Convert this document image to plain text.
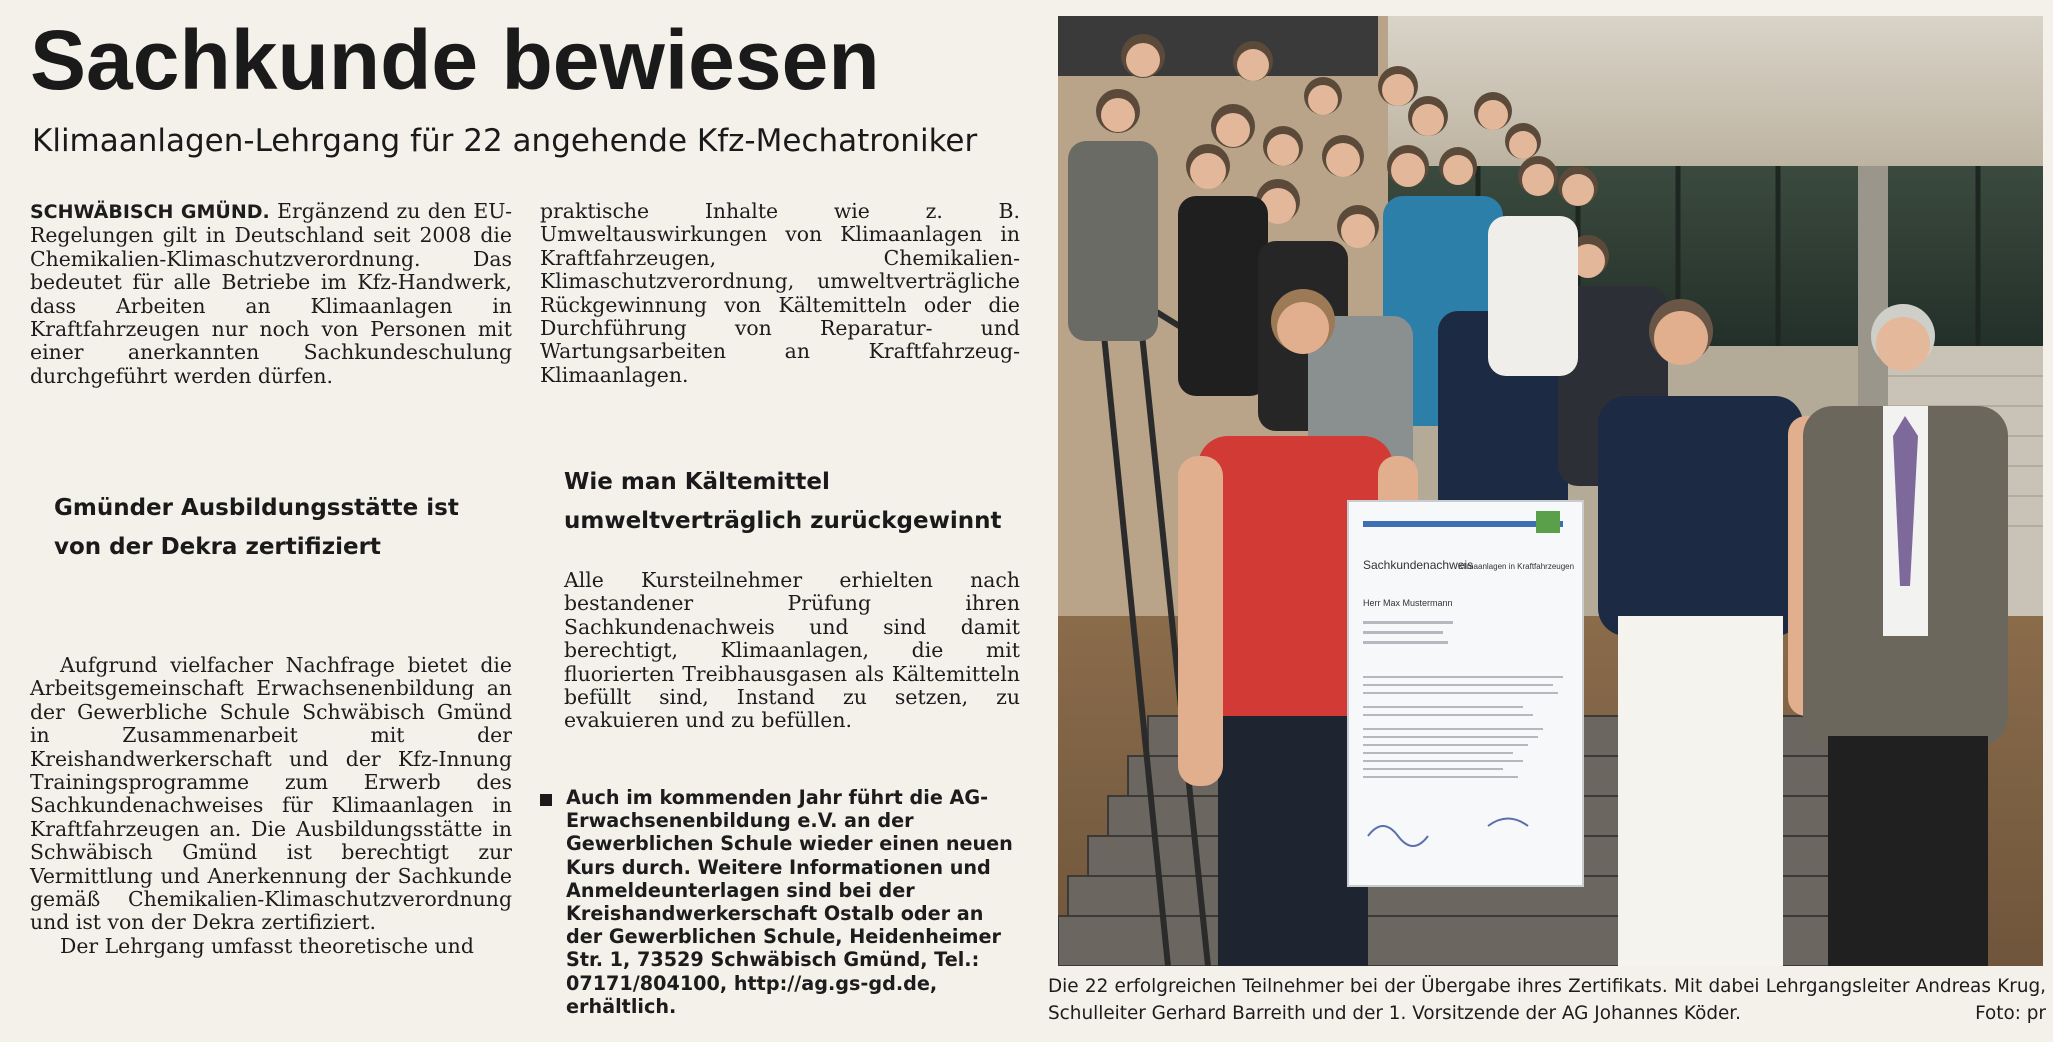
Sachkunde bewiesen
Klimaanlagen-Lehrgang für 22 angehende Kfz-Mechatroniker

SCHWÄBISCH GMÜND. Ergänzend zu den EU-Regelungen gilt in Deutschland seit 2008 die Chemikalien-Klimaschutzverordnung. Das bedeutet für alle Betriebe im Kfz-Handwerk, dass Arbeiten an Klimaanlagen in Kraftfahrzeugen nur noch von Personen mit einer anerkannten Sachkundeschulung durchgeführt werden dürfen.

praktische Inhalte wie z. B. Umweltauswirkungen von Klimaanlagen in Kraftfahrzeugen, Chemikalien-Klimaschutzverordnung, umweltverträgliche Rückgewinnung von Kältemitteln oder die Durchführung von Reparatur- und Wartungsarbeiten an Kraftfahrzeug-Klimaanlagen.

Gmünder Ausbildungsstätte ist von der Dekra zertifiziert
Wie man Kältemittel umweltverträglich zurückgewinnt

Aufgrund vielfacher Nachfrage bietet die Arbeitsgemeinschaft Erwachsenenbildung an der Gewerbliche Schule Schwäbisch Gmünd in Zusammenarbeit mit der Kreishandwerkerschaft und der Kfz-Innung Trainingsprogramme zum Erwerb des Sachkundenachweises für Klimaanlagen in Kraftfahrzeugen an. Die Ausbildungsstätte in Schwäbisch Gmünd ist berechtigt zur Vermittlung und Anerkennung der Sachkunde gemäß Chemikalien-Klimaschutzverordnung und ist von der Dekra zertifiziert.

Der Lehrgang umfasst theoretische und

Alle Kursteilnehmer erhielten nach bestandener Prüfung ihren Sachkundenachweis und sind damit berechtigt, Klimaanlagen, die mit fluorierten Treibhausgasen als Kältemitteln befüllt sind, Instand zu setzen, zu evakuieren und zu befüllen.

Auch im kommenden Jahr führt die AG-Erwachsenenbildung e.V. an der Gewerblichen Schule wieder einen neuen Kurs durch. Weitere Informationen und Anmeldeunterlagen sind bei der Kreishandwerkerschaft Ostalb oder an der Gewerblichen Schule, Heidenheimer Str. 1, 73529 Schwäbisch Gmünd, Tel.: 07171/804100, http://ag.gs-gd.de, erhältlich.
Sachkundenachweis
Klimaanlagen in Kraftfahrzeugen
Herr Max Mustermann
Die 22 erfolgreichen Teilnehmer bei der Übergabe ihres Zertifikats. Mit dabei Lehrgangsleiter Andreas Krug, Schulleiter Gerhard Barreith und der 1. Vorsitzende der AG Johannes Köder.	Foto: pr
